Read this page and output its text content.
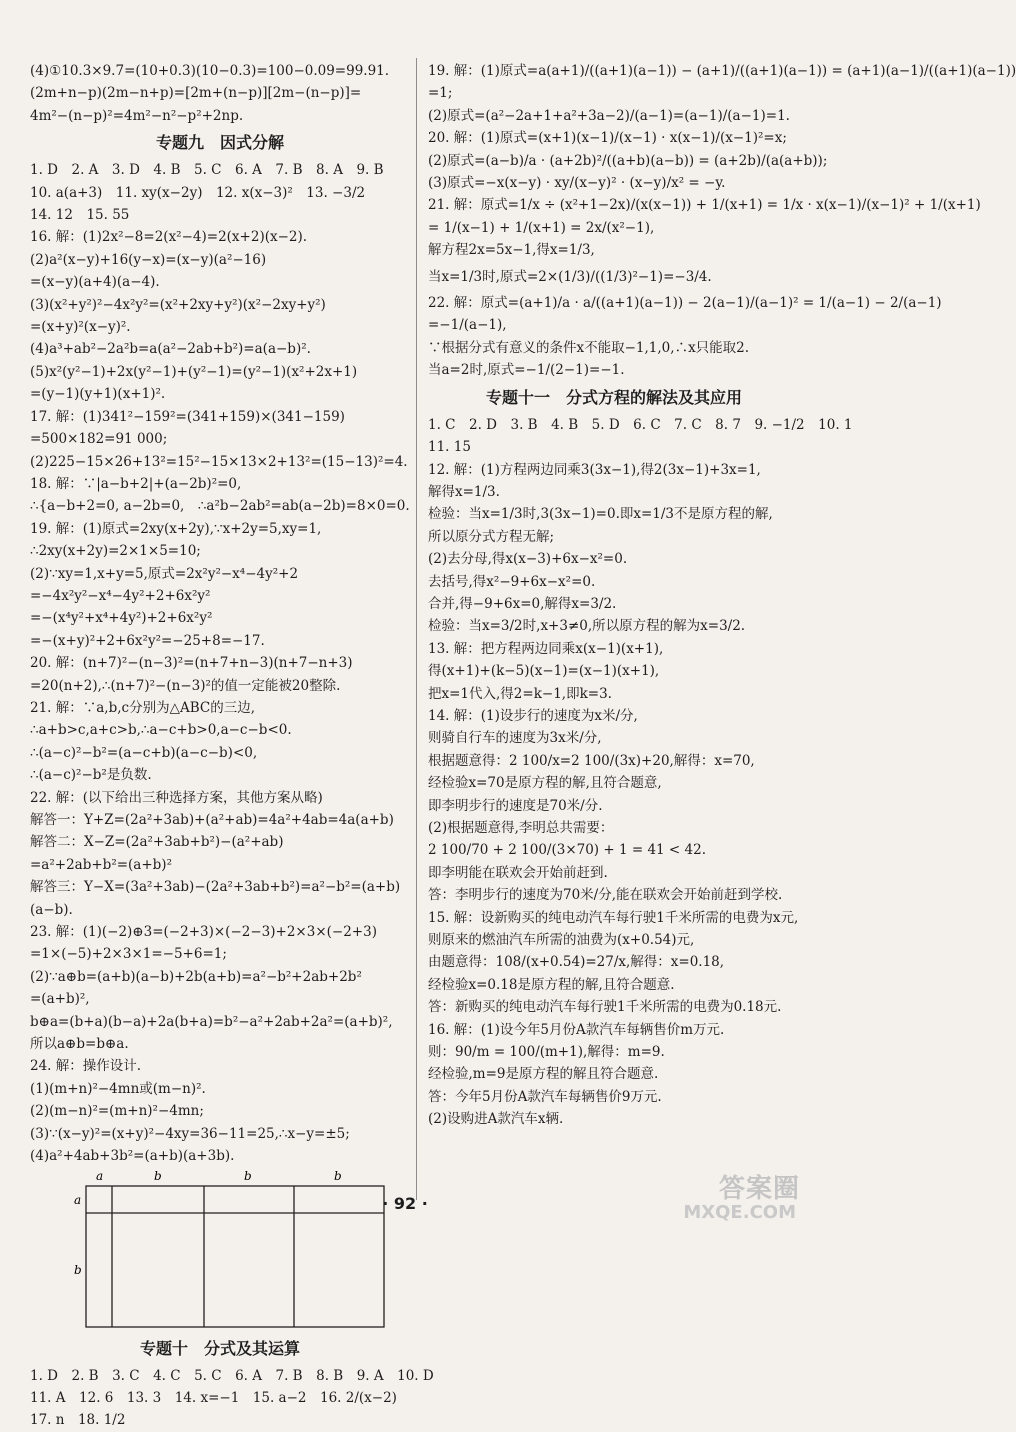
(4)①10.3×9.7=(10+0.3)(10−0.3)=100−0.09=99.91.
(2m+n−p)(2m−n+p)=[2m+(n−p)][2m−(n−p)]=
4m²−(n−p)²=4m²−n²−p²+2np.
专题九　因式分解
1. D　2. A　3. D　4. B　5. C　6. A　7. B　8. A　9. B
10. a(a+3)　11. xy(x−2y)　12. x(x−3)²　13. −3/2
14. 12　15. 55
16. 解：(1)2x²−8=2(x²−4)=2(x+2)(x−2).
(2)a²(x−y)+16(y−x)=(x−y)(a²−16)
=(x−y)(a+4)(a−4).
(3)(x²+y²)²−4x²y²=(x²+2xy+y²)(x²−2xy+y²)
=(x+y)²(x−y)².
(4)a³+ab²−2a²b=a(a²−2ab+b²)=a(a−b)².
(5)x²(y²−1)+2x(y²−1)+(y²−1)=(y²−1)(x²+2x+1)
=(y−1)(y+1)(x+1)².
17. 解：(1)341²−159²=(341+159)×(341−159)
=500×182=91 000;
(2)225−15×26+13²=15²−15×13×2+13²=(15−13)²=4.
18. 解：∵|a−b+2|+(a−2b)²=0,
∴{a−b+2=0, a−2b=0,　∴a²b−2ab²=ab(a−2b)=8×0=0.
19. 解：(1)原式=2xy(x+2y),∵x+2y=5,xy=1,
∴2xy(x+2y)=2×1×5=10;
(2)∵xy=1,x+y=5,原式=2x²y²−x⁴−4y²+2
=−4x²y²−x⁴−4y²+2+6x²y²
=−(x⁴y²+x⁴+4y²)+2+6x²y²
=−(x+y)²+2+6x²y²=−25+8=−17.
20. 解：(n+7)²−(n−3)²=(n+7+n−3)(n+7−n+3)
=20(n+2),∴(n+7)²−(n−3)²的值一定能被20整除.
21. 解：∵a,b,c分别为△ABC的三边,
∴a+b>c,a+c>b,∴a−c+b>0,a−c−b<0.
∴(a−c)²−b²=(a−c+b)(a−c−b)<0,
∴(a−c)²−b²是负数.
22. 解：(以下给出三种选择方案，其他方案从略)
解答一：Y+Z=(2a²+3ab)+(a²+ab)=4a²+4ab=4a(a+b)
解答二：X−Z=(2a²+3ab+b²)−(a²+ab)
=a²+2ab+b²=(a+b)²
解答三：Y−X=(3a²+3ab)−(2a²+3ab+b²)=a²−b²=(a+b)
(a−b).
23. 解：(1)(−2)⊕3=(−2+3)×(−2−3)+2×3×(−2+3)
=1×(−5)+2×3×1=−5+6=1;
(2)∵a⊕b=(a+b)(a−b)+2b(a+b)=a²−b²+2ab+2b²
=(a+b)²,
b⊕a=(b+a)(b−a)+2a(b+a)=b²−a²+2ab+2a²=(a+b)²,
所以a⊕b=b⊕a.
24. 解：操作设计.
(1)(m+n)²−4mn或(m−n)².
(2)(m−n)²=(m+n)²−4mn;
(3)∵(x−y)²=(x+y)²−4xy=36−11=25,∴x−y=±5;
(4)a²+4ab+3b²=(a+b)(a+3b).
a	b	b	b
a
b
专题十　分式及其运算
1. D　2. B　3. C　4. C　5. C　6. A　7. B　8. B　9. A　10. D
11. A　12. 6　13. 3　14. x=−1　15. a−2　16. 2/(x−2)
17. n　18. 1/2
19. 解：(1)原式=a(a+1)/((a+1)(a−1)) − (a+1)/((a+1)(a−1)) = (a+1)(a−1)/((a+1)(a−1))
=1;
(2)原式=(a²−2a+1+a²+3a−2)/(a−1)=(a−1)/(a−1)=1.
20. 解：(1)原式=(x+1)(x−1)/(x−1) · x(x−1)/(x−1)²=x;
(2)原式=(a−b)/a · (a+2b)²/((a+b)(a−b)) = (a+2b)/(a(a+b));
(3)原式=−x(x−y) · xy/(x−y)² · (x−y)/x² = −y.
21. 解：原式=1/x ÷ (x²+1−2x)/(x(x−1)) + 1/(x+1) = 1/x · x(x−1)/(x−1)² + 1/(x+1)
= 1/(x−1) + 1/(x+1) = 2x/(x²−1),
解方程2x=5x−1,得x=1/3,
当x=1/3时,原式=2×(1/3)/((1/3)²−1)=−3/4.
22. 解：原式=(a+1)/a · a/((a+1)(a−1)) − 2(a−1)/(a−1)² = 1/(a−1) − 2/(a−1)
=−1/(a−1),
∵根据分式有意义的条件x不能取−1,1,0,∴x只能取2.
当a=2时,原式=−1/(2−1)=−1.
专题十一　分式方程的解法及其应用
1. C　2. D　3. B　4. B　5. D　6. C　7. C　8. 7　9. −1/2　10. 1
11. 15
12. 解：(1)方程两边同乘3(3x−1),得2(3x−1)+3x=1,
解得x=1/3.
检验：当x=1/3时,3(3x−1)=0.即x=1/3不是原方程的解,
所以原分式方程无解;
(2)去分母,得x(x−3)+6x−x²=0.
去括号,得x²−9+6x−x²=0.
合并,得−9+6x=0,解得x=3/2.
检验：当x=3/2时,x+3≠0,所以原方程的解为x=3/2.
13. 解：把方程两边同乘x(x−1)(x+1),
得(x+1)+(k−5)(x−1)=(x−1)(x+1),
把x=1代入,得2=k−1,即k=3.
14. 解：(1)设步行的速度为x米/分,
则骑自行车的速度为3x米/分,
根据题意得：2 100/x=2 100/(3x)+20,解得：x=70,
经检验x=70是原方程的解,且符合题意,
即李明步行的速度是70米/分.
(2)根据题意得,李明总共需要：
2 100/70 + 2 100/(3×70) + 1 = 41 < 42.
即李明能在联欢会开始前赶到.
答：李明步行的速度为70米/分,能在联欢会开始前赶到学校.
15. 解：设新购买的纯电动汽车每行驶1千米所需的电费为x元,
则原来的燃油汽车所需的油费为(x+0.54)元,
由题意得：108/(x+0.54)=27/x,解得：x=0.18,
经检验x=0.18是原方程的解,且符合题意.
答：新购买的纯电动汽车每行驶1千米所需的电费为0.18元.
16. 解：(1)设今年5月份A款汽车每辆售价m万元.
则：90/m = 100/(m+1),解得：m=9.
经检验,m=9是原方程的解且符合题意.
答：今年5月份A款汽车每辆售价9万元.
(2)设购进A款汽车x辆.
· 92 ·	答案圈
MXQE.COM
